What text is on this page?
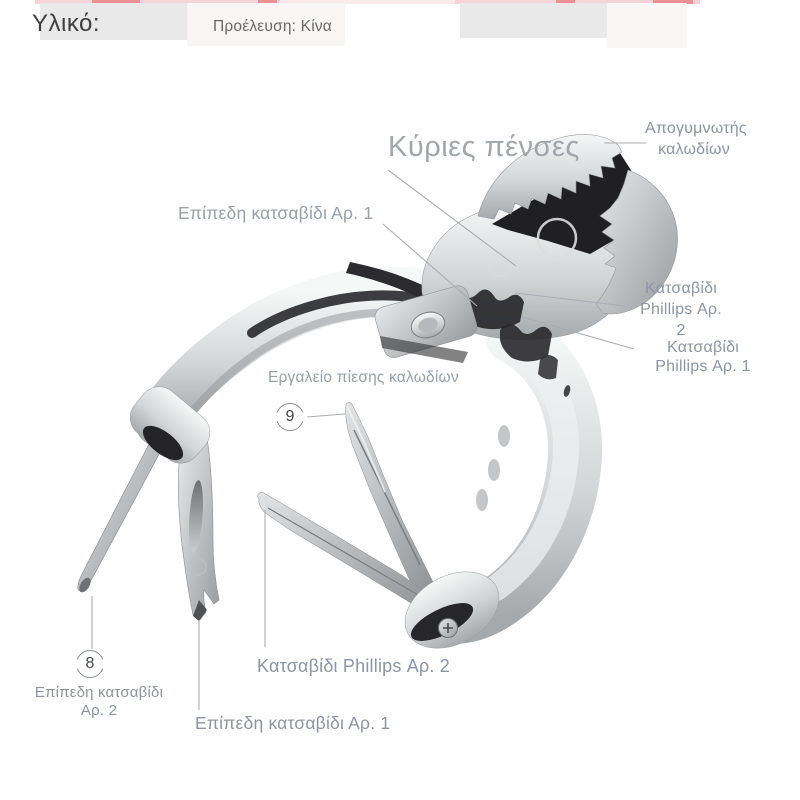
Υλικό:	Προέλευση: Κίνα
Κύριες πένσες
Απογυμνωτής
καλωδίων
Επίπεδη κατσαβίδι Αρ. 1
Κατσαβίδι
Phillips Αρ.
2
Κατσαβίδι
Phillips Αρ. 1
Εργαλείο πίεσης καλωδίων
9
8
Επίπεδη κατσαβίδι
Αρ. 2
Κατσαβίδι Phillips Αρ. 2
Επίπεδη κατσαβίδι Αρ. 1
